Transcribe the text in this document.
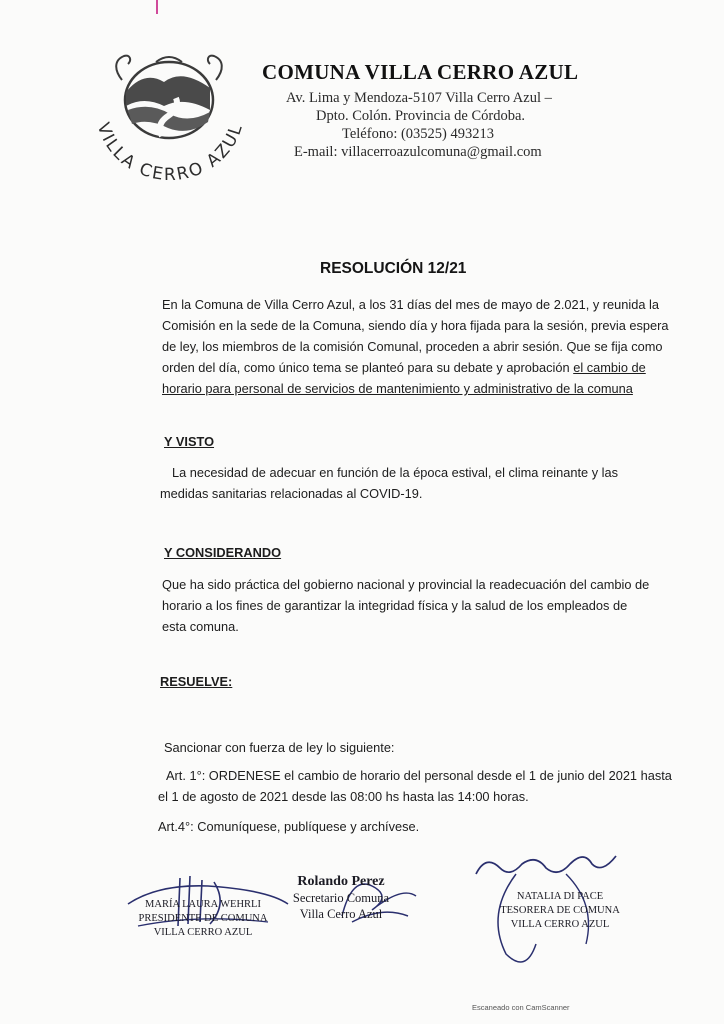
VILLA CERRO AZUL
COMUNA VILLA CERRO AZUL
Av. Lima y Mendoza-5107 Villa Cerro Azul –
Dpto. Colón. Provincia de Córdoba.
Teléfono: (03525) 493213
E-mail: villacerroazulcomuna@gmail.com
RESOLUCIÓN 12/21
En la Comuna de Villa Cerro Azul, a los 31 días del mes de mayo de 2.021, y reunida la Comisión en la sede de la Comuna, siendo día y hora fijada para la sesión, previa espera de ley, los miembros de la comisión Comunal, proceden a abrir sesión. Que se fija como orden del día, como único tema se planteó para su debate y aprobación el cambio de horario para personal de servicios de mantenimiento y administrativo de la comuna
Y VISTO
La necesidad de adecuar en función de la época estival, el clima reinante y las medidas sanitarias relacionadas al COVID-19.
Y CONSIDERANDO
Que ha sido práctica del gobierno nacional y provincial la readecuación del cambio de horario a los fines de garantizar la integridad física y la salud de los empleados de esta comuna.
RESUELVE:
Sancionar con fuerza de ley lo siguiente:
Art. 1°: ORDENESE el cambio de horario del personal desde el 1 de junio del 2021 hasta el 1 de agosto de 2021 desde las 08:00 hs hasta las 14:00 horas.
Art.4°: Comuníquese, publíquese y archívese.
MARÍA LAURA WEHRLI
PRESIDENTE DE COMUNA
VILLA CERRO AZUL
Rolando Perez
Secretario Comuna
Villa Cerro Azul
NATALIA DI PACE
TESORERA DE COMUNA
VILLA CERRO AZUL
Escaneado con CamScanner
